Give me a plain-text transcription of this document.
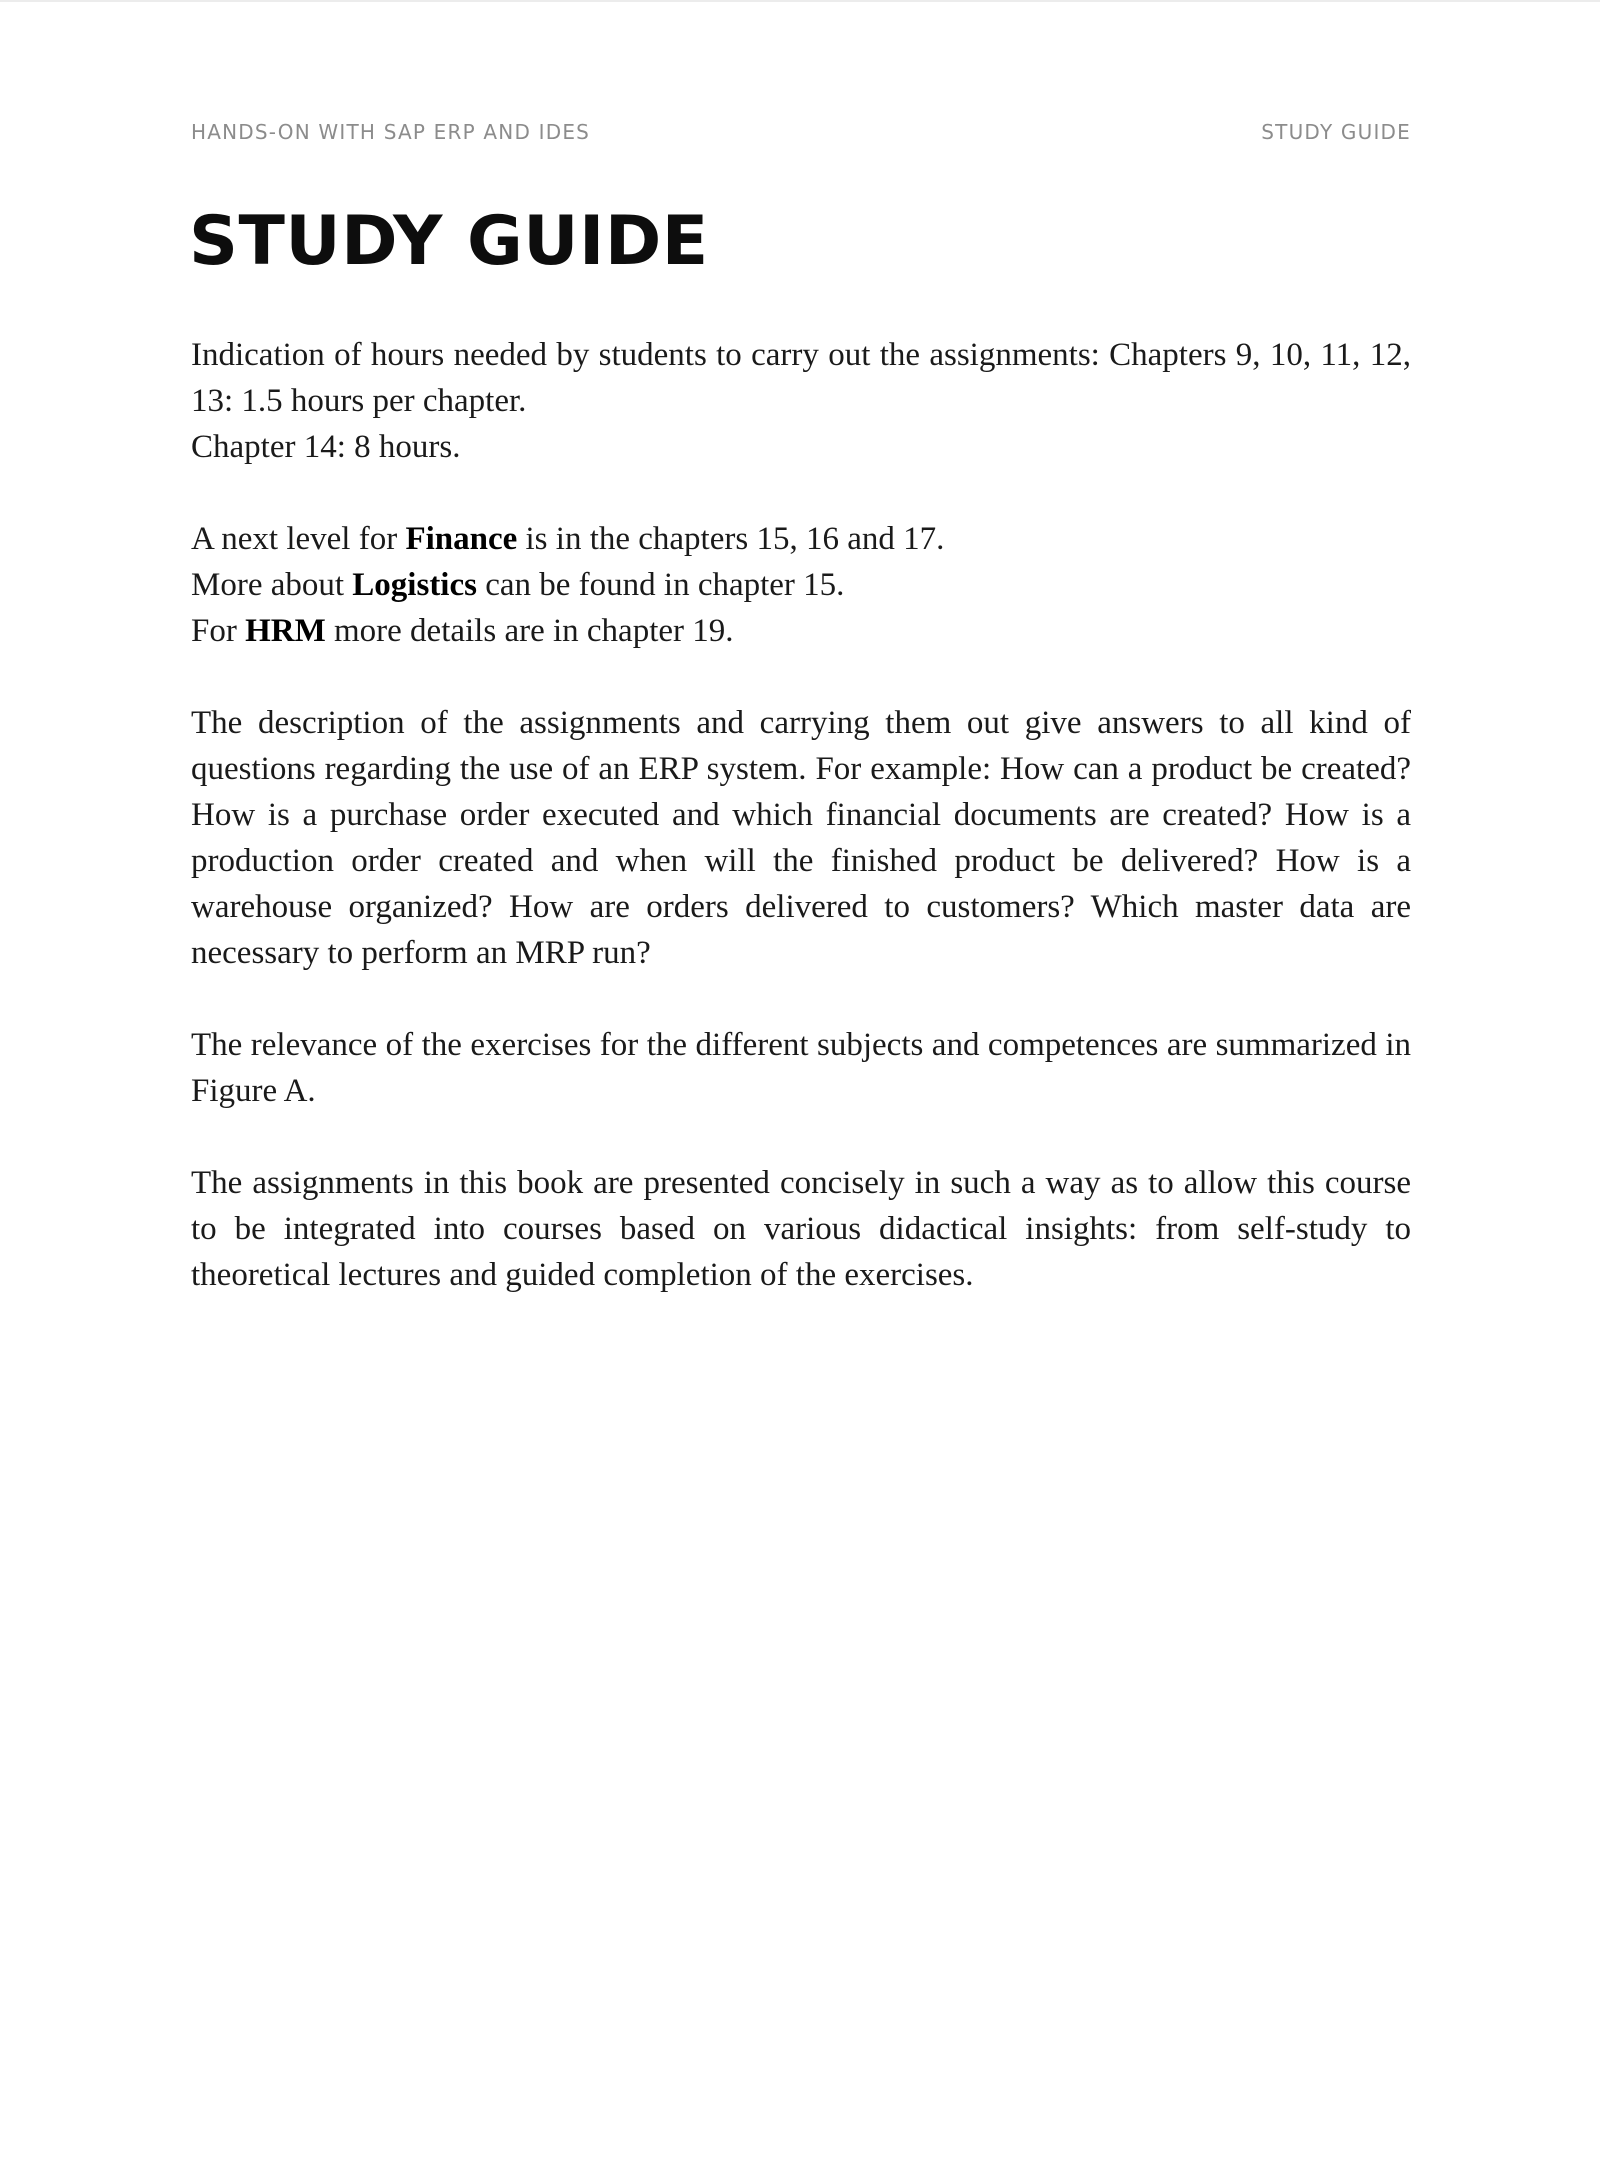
HANDS-ON WITH SAP ERP AND IDES	STUDY GUIDE
STUDY GUIDE

Indication of hours needed by students to carry out the assignments: Chapters 9, 10, 11, 12, 13: 1.5 hours per chapter.
Chapter 14: 8 hours.

A next level for Finance is in the chapters 15, 16 and 17.
More about Logistics can be found in chapter 15.
For HRM more details are in chapter 19.

The description of the assignments and carrying them out give answers to all kind of questions regarding the use of an ERP system. For example: How can a product be created? How is a purchase order executed and which financial documents are created? How is a production order created and when will the finished product be delivered? How is a warehouse organized? How are orders delivered to customers? Which master data are necessary to perform an MRP run?

The relevance of the exercises for the different subjects and competences are summarized in Figure A.

The assignments in this book are presented concisely in such a way as to allow this course to be integrated into courses based on various didactical insights: from self-study to theoretical lectures and guided completion of the exercises.
